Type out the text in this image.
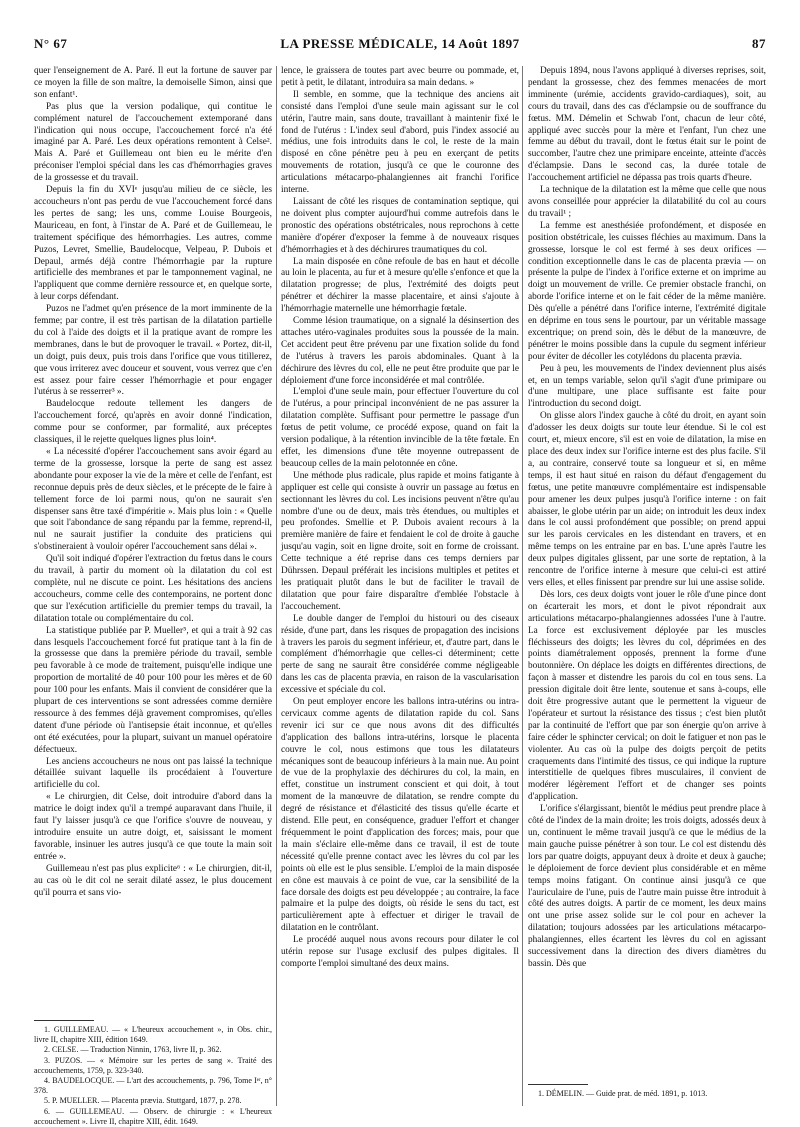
N° 67	LA PRESSE MÉDICALE, 14 Août 1897	87

quer l'enseignement de A. Paré. Il eut la fortune de sauver par ce moyen la fille de son maître, la demoiselle Simon, ainsi que son enfant¹.

Pas plus que la version podalique, qui contitue le complément naturel de l'accouchement extemporané dans l'indication qui nous occupe, l'accouchement forcé n'a été imaginé par A. Paré. Les deux opérations remontent à Celse². Mais A. Paré et Guillemeau ont bien eu le mérite d'en préconiser l'emploi spécial dans les cas d'hémorrhagies graves de la grossesse et du travail.

Depuis la fin du XVIᵉ jusqu'au milieu de ce siècle, les accoucheurs n'ont pas perdu de vue l'accouchement forcé dans les pertes de sang; les uns, comme Louise Bourgeois, Mauriceau, en font, à l'instar de A. Paré et de Guillemeau, le traitement spécifique des hémorrhagies. Les autres, comme Puzos, Levret, Smellie, Baudelocque, Velpeau, P. Dubois et Depaul, armés déjà contre l'hémorrhagie par la rupture artificielle des membranes et par le tamponnement vaginal, ne l'appliquent que comme dernière ressource et, en quelque sorte, à leur corps défendant.

Puzos ne l'admet qu'en présence de la mort imminente de la femme; par contre, il est très partisan de la dilatation partielle du col à l'aide des doigts et il la pratique avant de rompre les membranes, dans le but de provoquer le travail. « Portez, dit-il, un doigt, puis deux, puis trois dans l'orifice que vous titillerez, que vous irriterez avec douceur et souvent, vous verrez que c'en est assez pour faire cesser l'hémorrhagie et pour engager l'utérus à se resserrer³ ».

Baudelocque redoute tellement les dangers de l'accouchement forcé, qu'après en avoir donné l'indication, comme pour se conformer, par formalité, aux préceptes classiques, il le rejette quelques lignes plus loin⁴.

« La nécessité d'opérer l'accouchement sans avoir égard au terme de la grossesse, lorsque la perte de sang est assez abondante pour exposer la vie de la mère et celle de l'enfant, est reconnue depuis près de deux siècles, et le précepte de le faire à tellement force de loi parmi nous, qu'on ne saurait s'en dispenser sans être taxé d'impéritie ». Mais plus loin : « Quelle que soit l'abondance de sang répandu par la femme, reprend-il, nul ne saurait justifier la conduite des praticiens qui s'obstineraient à vouloir opérer l'accouchement sans délai ».

Qu'il soit indiqué d'opérer l'extraction du fœtus dans le cours du travail, à partir du moment où la dilatation du col est complète, nul ne discute ce point. Les hésitations des anciens accoucheurs, comme celle des contemporains, ne portent donc que sur l'exécution artificielle du premier temps du travail, la dilatation totale ou complémentaire du col.

La statistique publiée par P. Mueller⁵, et qui a trait à 92 cas dans lesquels l'accouchement forcé fut pratique tant à la fin de la grossesse que dans la première période du travail, semble peu favorable à ce mode de traitement, puisqu'elle indique une proportion de mortalité de 40 pour 100 pour les mères et de 60 pour 100 pour les enfants. Mais il convient de considérer que la plupart de ces interventions se sont adressées comme dernière ressource à des femmes déjà gravement compromises, qu'elles datent d'une période où l'antisepsie était inconnue, et qu'elles ont été exécutées, pour la plupart, suivant un manuel opératoire défectueux.

Les anciens accoucheurs ne nous ont pas laissé la technique détaillée suivant laquelle ils procédaient à l'ouverture artificielle du col.

« Le chirurgien, dit Celse, doit introduire d'abord dans la matrice le doigt index qu'il a trempé auparavant dans l'huile, il faut l'y laisser jusqu'à ce que l'orifice s'ouvre de nouveau, y introduire ensuite un autre doigt, et, saisissant le moment favorable, insinuer les autres jusqu'à ce que toute la main soit entrée ».

Guillemeau n'est pas plus explicite⁶ : « Le chirurgien, dit-il, au cas où le dit col ne serait dilaté assez, le plus doucement qu'il pourra et sans vio-

1. GUILLEMEAU. — « L'heureux accouchement », in Obs. chir., livre II, chapitre XIII, édition 1649.

2. CELSE. — Traduction Ninnin, 1763, livre II, p. 362.

3. PUZOS. — « Mémoire sur les pertes de sang ». Traité des accouchements, 1759, p. 323-340.

4. BAUDELOCQUE. — L'art des accouchements, p. 796, Tome Iᵉʳ, n° 378.

5. P. MUELLER. — Placenta prævia. Stuttgard, 1877, p. 278.

6. — GUILLEMEAU. — Observ. de chirurgie : « L'heureux accouchement ». Livre II, chapitre XIII, édit. 1649.

lence, le graissera de toutes part avec beurre ou pommade, et, petit à petit, le dilatant, introduira sa main dedans. »

Il semble, en somme, que la technique des anciens ait consisté dans l'emploi d'une seule main agissant sur le col utérin, l'autre main, sans doute, travaillant à maintenir fixé le fond de l'utérus : L'index seul d'abord, puis l'index associé au médius, une fois introduits dans le col, le reste de la main disposé en cône pénètre peu à peu en exerçant de petits mouvements de rotation, jusqu'à ce que le couronne des articulations métacarpo-phalangiennes ait franchi l'orifice interne.

Laissant de côté les risques de contamination septique, qui ne doivent plus compter aujourd'hui comme autrefois dans le pronostic des opérations obstétricales, nous reprochons à cette manière d'opérer d'exposer la femme à de nouveaux risques d'hémorrhagies et à des déchirures traumatiques du col.

La main disposée en cône refoule de bas en haut et décolle au loin le placenta, au fur et à mesure qu'elle s'enfonce et que la dilatation progresse; de plus, l'extrémité des doigts peut pénétrer et déchirer la masse placentaire, et ainsi s'ajoute à l'hémorrhagie maternelle une hémorrhagie fœtale.

Comme lésion traumatique, on a signalé la désinsertion des attaches utéro-vaginales produites sous la poussée de la main. Cet accident peut être prévenu par une fixation solide du fond de l'utérus à travers les parois abdominales. Quant à la déchirure des lèvres du col, elle ne peut être produite que par le déploiement d'une force inconsidérée et mal contrôlée.

L'emploi d'une seule main, pour effectuer l'ouverture du col de l'utérus, a pour principal inconvénient de ne pas assurer la dilatation complète. Suffisant pour permettre le passage d'un fœtus de petit volume, ce procédé expose, quand on fait la version podalique, à la rétention invincible de la tête fœtale. En effet, les dimensions d'une tête moyenne outrepassent de beaucoup celles de la main pelotonnée en cône.

Une méthode plus radicale, plus rapide et moins fatigante à appliquer est celle qui consiste à ouvrir un passage au fœtus en sectionnant les lèvres du col. Les incisions peuvent n'être qu'au nombre d'une ou de deux, mais très étendues, ou multiples et peu profondes. Smellie et P. Dubois avaient recours à la première manière de faire et fendaient le col de droite à gauche jusqu'au vagin, soit en ligne droite, soit en forme de croissant. Cette technique a été reprise dans ces temps derniers par Dührssen. Depaul préférait les incisions multiples et petites et les pratiquait plutôt dans le but de faciliter le travail de dilatation que pour faire disparaître d'emblée l'obstacle à l'accouchement.

Le double danger de l'emploi du histouri ou des ciseaux réside, d'une part, dans les risques de propagation des incisions à travers les parois du segment inférieur, et, d'autre part, dans le complément d'hémorrhagie que celles-ci déterminent; cette perte de sang ne saurait être considérée comme négligeable dans les cas de placenta prævia, en raison de la vascularisation excessive et spéciale du col.

On peut employer encore les ballons intra-utérins ou intra-cervicaux comme agents de dilatation rapide du col. Sans revenir ici sur ce que nous avons dit des difficultés d'application des ballons intra-utérins, lorsque le placenta couvre le col, nous estimons que tous les dilatateurs mécaniques sont de beaucoup inférieurs à la main nue. Au point de vue de la prophylaxie des déchirures du col, la main, en effet, constitue un instrument conscient et qui doit, à tout moment de la manœuvre de dilatation, se rendre compte du degré de résistance et d'élasticité des tissus qu'elle écarte et distend. Elle peut, en conséquence, graduer l'effort et changer fréquemment le point d'application des forces; mais, pour que la main s'éclaire elle-même dans ce travail, il est de toute nécessité qu'elle prenne contact avec les lèvres du col par les points où elle est le plus sensible. L'emploi de la main disposée en cône est mauvais à ce point de vue, car la sensibilité de la face dorsale des doigts est peu développée ; au contraire, la face palmaire et la pulpe des doigts, où réside le sens du tact, est particulièrement apte à effectuer et diriger le travail de dilatation en le contrôlant.

Le procédé auquel nous avons recours pour dilater le col utérin repose sur l'usage exclusif des pulpes digitales. Il comporte l'emploi simultané des deux mains.

Depuis 1894, nous l'avons appliqué à diverses reprises, soit, pendant la grossesse, chez des femmes menacées de mort imminente (urémie, accidents gravido-cardiaques), soit, au cours du travail, dans des cas d'éclampsie ou de souffrance du fœtus. MM. Démelin et Schwab l'ont, chacun de leur côté, appliqué avec succès pour la mère et l'enfant, l'un chez une femme au début du travail, dont le fœtus était sur le point de succomber, l'autre chez une primipare enceinte, atteinte d'accès d'éclampsie. Dans le second cas, la durée totale de l'accouchement artificiel ne dépassa pas trois quarts d'heure.

La technique de la dilatation est la même que celle que nous avons conseillée pour apprécier la dilatabilité du col au cours du travail¹ ;

La femme est anesthésiée profondément, et disposée en position obstétricale, les cuisses fléchies au maximum. Dans la grossesse, lorsque le col est fermé à ses deux orifices — condition exceptionnelle dans le cas de placenta prævia — on présente la pulpe de l'index à l'orifice externe et on imprime au doigt un mouvement de vrille. Ce premier obstacle franchi, on aborde l'orifice interne et on le fait céder de la même manière. Dès qu'elle a pénétré dans l'orifice interne, l'extrémité digitale en déprime en tous sens le pourtour, par un véritable massage excentrique; on prend soin, dès le début de la manœuvre, de pénétrer le moins possible dans la cupule du segment inférieur pour éviter de décoller les cotylédons du placenta prævia.

Peu à peu, les mouvements de l'index deviennent plus aisés et, en un temps variable, selon qu'il s'agit d'une primipare ou d'une multipare, une place suffisante est faite pour l'introduction du second doigt.

On glisse alors l'index gauche à côté du droit, en ayant soin d'adosser les deux doigts sur toute leur étendue. Si le col est court, et, mieux encore, s'il est en voie de dilatation, la mise en place des deux index sur l'orifice interne est des plus facile. S'il a, au contraire, conservé toute sa longueur et si, en même temps, il est haut situé en raison du défaut d'engagement du fœtus, une petite manœuvre complémentaire est indispensable pour amener les deux pulpes jusqu'à l'orifice interne : on fait abaisser, le globe utérin par un aide; on introduit les deux index dans le col aussi profondément que possible; on prend appui sur les parois cervicales en les distendant en travers, et en même temps on les entraine par en bas. L'une après l'autre les deux pulpes digitales glissent, par une sorte de reptation, à la rencontre de l'orifice interne à mesure que celui-ci est attiré vers elles, et elles finissent par prendre sur lui une assise solide.

Dès lors, ces deux doigts vont jouer le rôle d'une pince dont on écarterait les mors, et dont le pivot répondrait aux articulations métacarpo-phalangiennes adossées l'une à l'autre. La force est exclusivement déployée par les muscles fléchisseurs des doigts; les lèvres du col, déprimées en des points diamétralement opposés, prennent la forme d'une boutonnière. On déplace les doigts en différentes directions, de façon à masser et distendre les parois du col en tous sens. La pression digitale doit être lente, soutenue et sans à-coups, elle doit être progressive autant que le permettent la vigueur de l'opérateur et surtout la résistance des tissus ; c'est bien plutôt par la continuité de l'effort que par son énergie qu'on arrive à faire céder le sphincter cervical; on doit le fatiguer et non pas le violenter. Au cas où la pulpe des doigts perçoit de petits craquements dans l'intimité des tissus, ce qui indique la rupture interstitielle de quelques fibres musculaires, il convient de modérer légèrement l'effort et de changer ses points d'application.

L'orifice s'élargissant, bientôt le médius peut prendre place à côté de l'index de la main droite; les trois doigts, adossés deux à un, continuent le même travail jusqu'à ce que le médius de la main gauche puisse pénétrer à son tour. Le col est distendu dès lors par quatre doigts, appuyant deux à droite et deux à gauche; le déploiement de force devient plus considérable et en même temps moins fatigant. On continue ainsi jusqu'à ce que l'auriculaire de l'une, puis de l'autre main puisse être introduit à côté des autres doigts. A partir de ce moment, les deux mains ont une prise assez solide sur le col pour en achever la dilatation; toujours adossées par les articulations métacarpo-phalangiennes, elles écartent les lèvres du col en agissant successivement dans la direction des divers diamètres du bassin. Dès que

1. DÉMELIN. — Guide prat. de méd. 1891, p. 1013.
